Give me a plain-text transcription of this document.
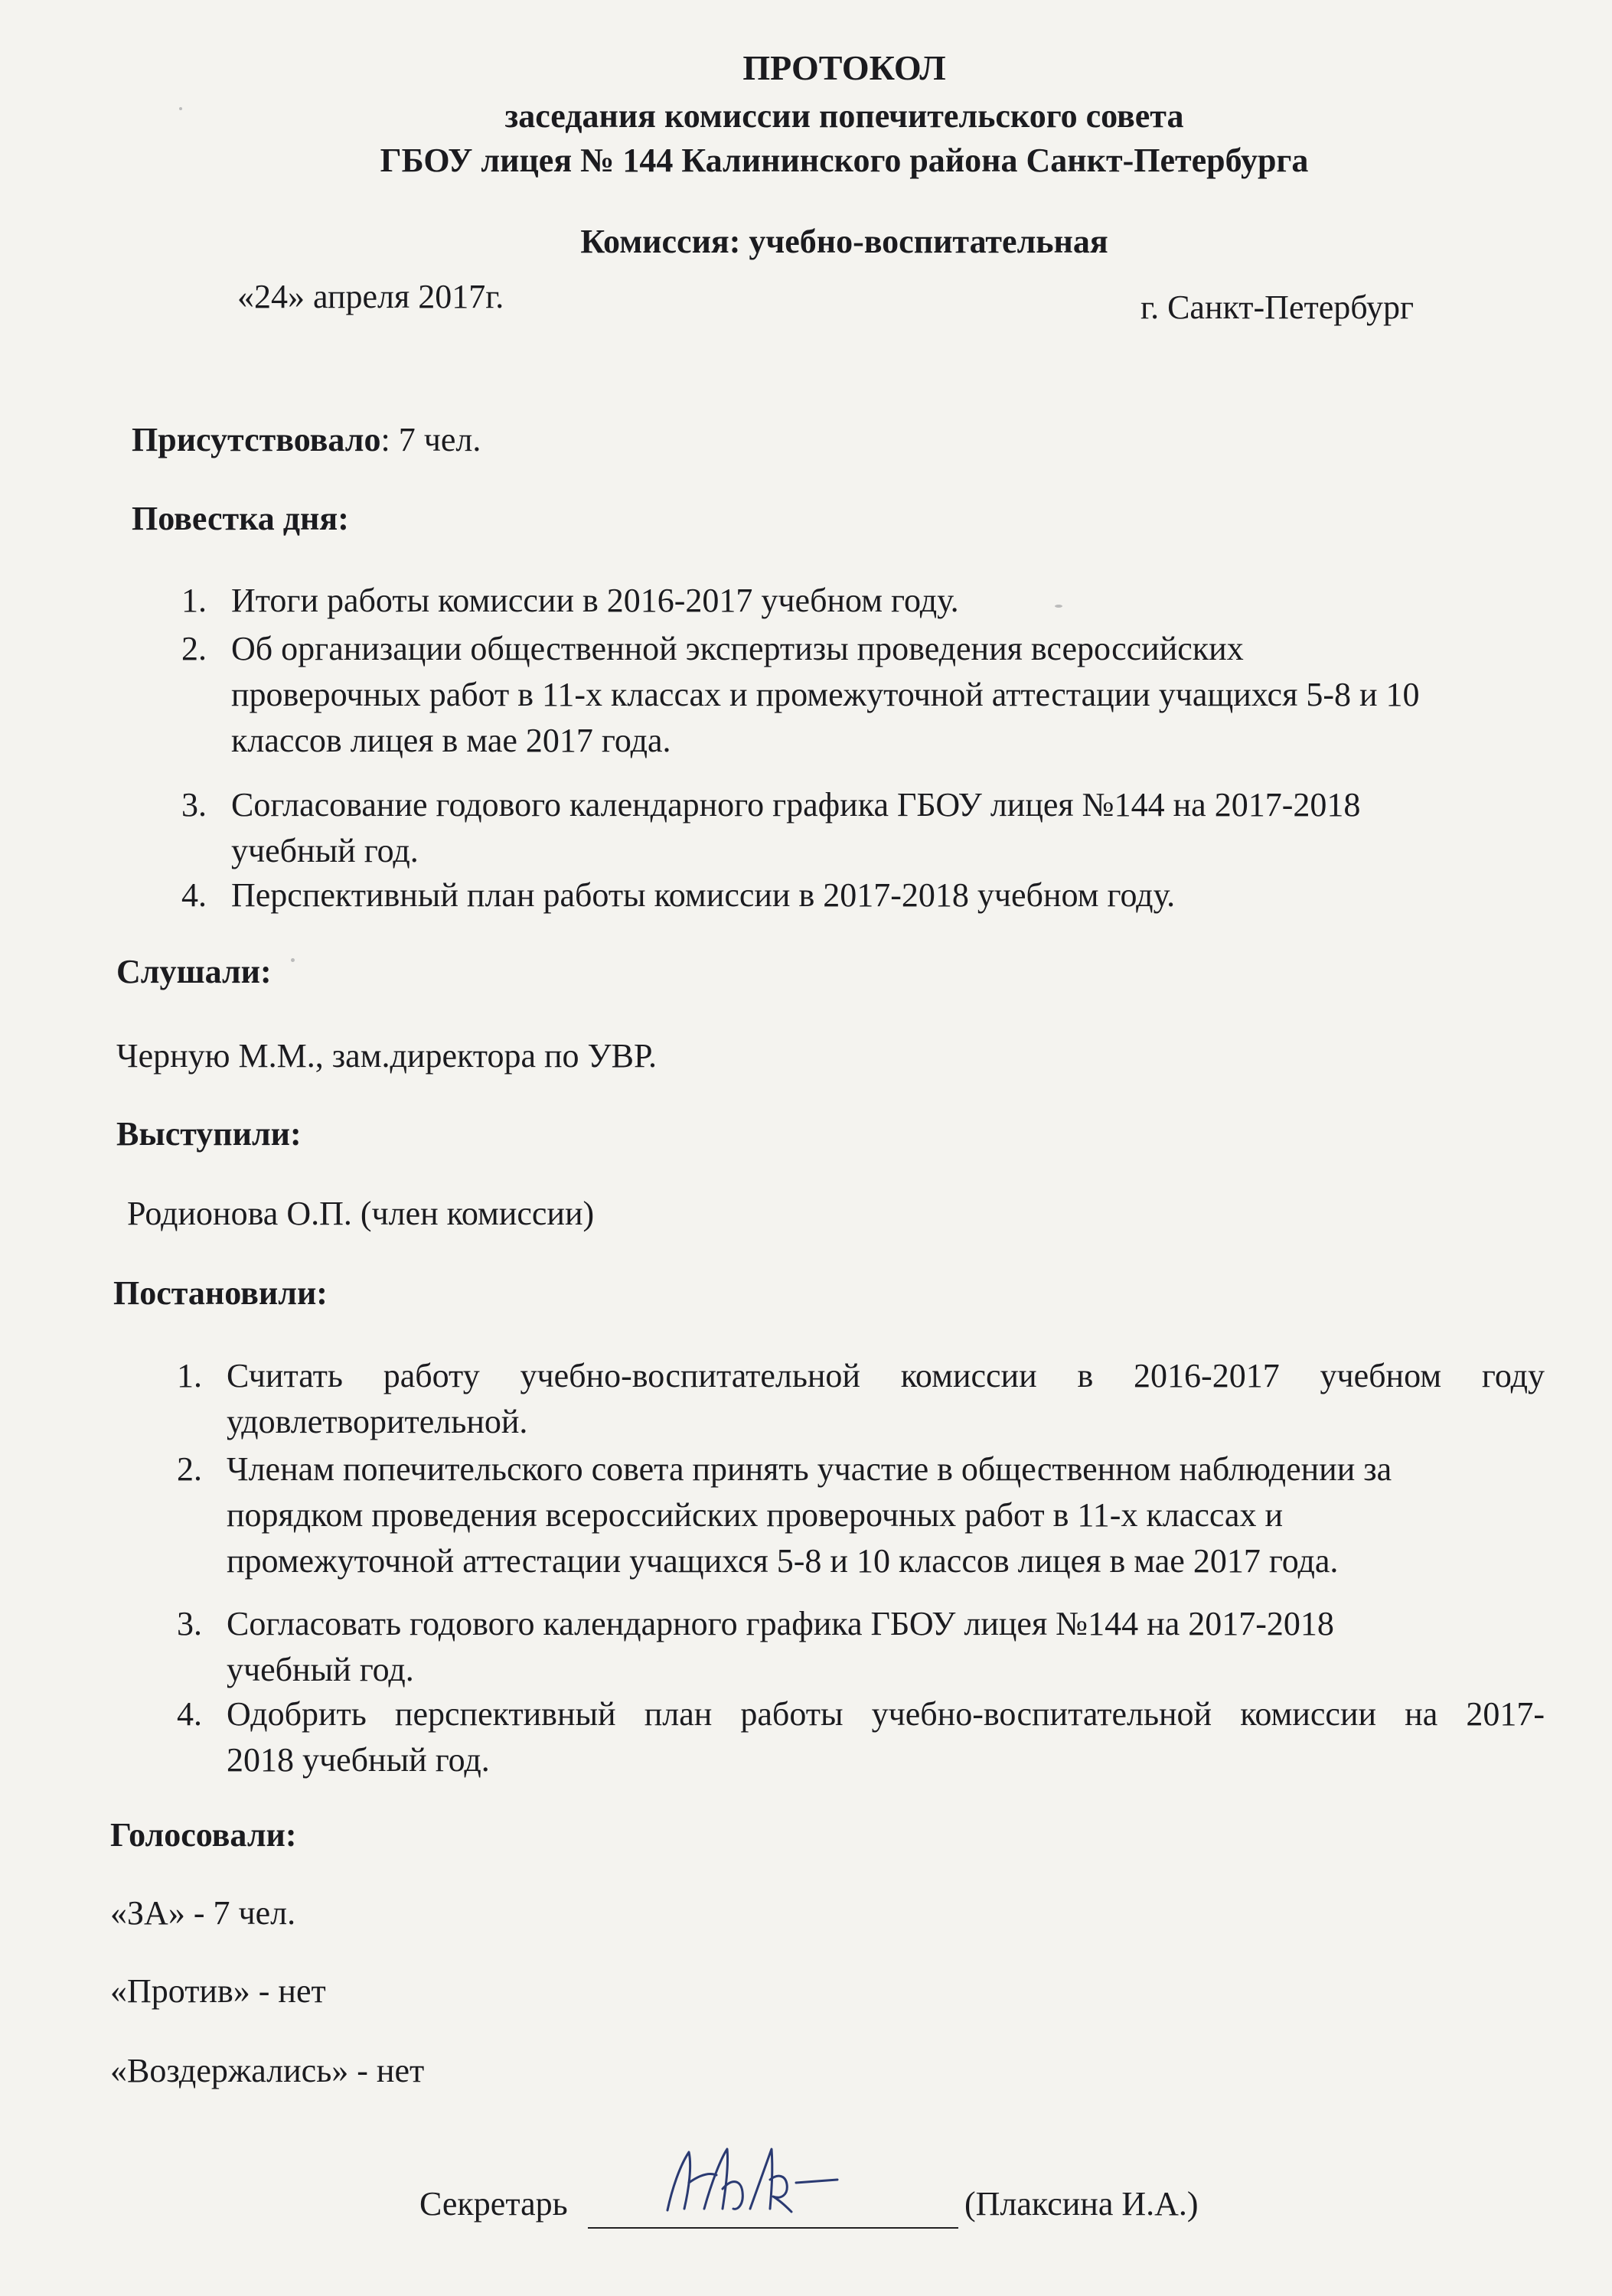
ПРОТОКОЛ
заседания комиссии попечительского совета
ГБОУ лицея № 144 Калининского района Санкт-Петербурга
Комиссия: учебно-воспитательная
«24» апреля 2017г.	г. Санкт-Петербург
Присутствовало: 7 чел.
Повестка дня:
1. Итоги работы комиссии в 2016-2017 учебном году.
2. Об организации общественной экспертизы проведения всероссийских
проверочных работ в 11-х классах и промежуточной аттестации учащихся 5-8 и 10
классов лицея в мае 2017 года.
3. Согласование годового календарного графика ГБОУ лицея №144 на 2017-2018
учебный год.
4. Перспективный план работы комиссии в 2017-2018 учебном году.
Слушали:
Черную М.М., зам.директора по УВР.
Выступили:
Родионова О.П. (член комиссии)
Постановили:
1. Считать работу учебно-воспитательной комиссии в 2016-2017 учебном году
удовлетворительной.
2. Членам попечительского совета принять участие в общественном наблюдении за
порядком проведения всероссийских проверочных работ в 11-х классах и
промежуточной аттестации учащихся 5-8 и 10 классов лицея в мае 2017 года.
3. Согласовать годового календарного графика ГБОУ лицея №144 на 2017-2018
учебный год.
4. Одобрить перспективный план работы учебно-воспитательной комиссии на 2017-
2018 учебный год.
Голосовали:
«ЗА» - 7 чел.
«Против» - нет
«Воздержались» - нет
Секретарь	(Плаксина И.А.)
